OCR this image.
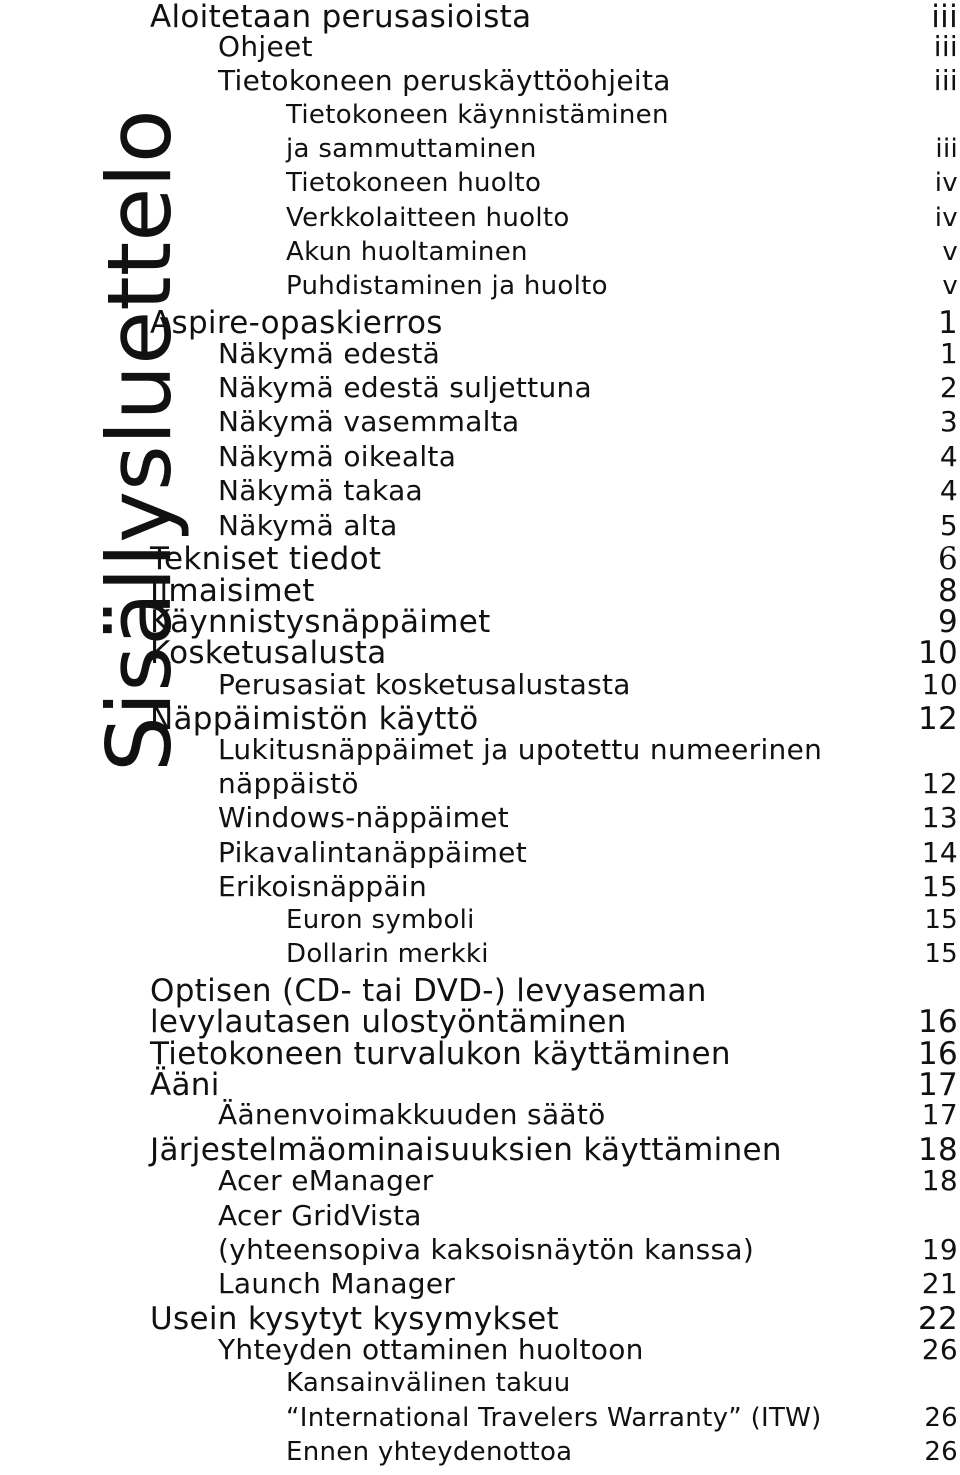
Sisällysluettelo
Aloitetaan perusasioista	iii
Ohjeet	iii
Tietokoneen peruskäyttöohjeita	iii
Tietokoneen käynnistäminen
ja sammuttaminen	iii
Tietokoneen huolto	iv
Verkkolaitteen huolto	iv
Akun huoltaminen	v
Puhdistaminen ja huolto	v
Aspire-opaskierros	1
Näkymä edestä	1
Näkymä edestä suljettuna	2
Näkymä vasemmalta	3
Näkymä oikealta	4
Näkymä takaa	4
Näkymä alta	5
Tekniset tiedot	6
Ilmaisimet	8
Käynnistysnäppäimet	9
Kosketusalusta	10
Perusasiat kosketusalustasta	10
Näppäimistön käyttö	12
Lukitusnäppäimet ja upotettu numeerinen
näppäistö	12
Windows-näppäimet	13
Pikavalintanäppäimet	14
Erikoisnäppäin	15
Euron symboli	15
Dollarin merkki	15
Optisen (CD- tai DVD-) levyaseman
levylautasen ulostyöntäminen	16
Tietokoneen turvalukon käyttäminen	16
Ääni	17
Äänenvoimakkuuden säätö	17
Järjestelmäominaisuuksien käyttäminen	18
Acer eManager	18
Acer GridVista
(yhteensopiva kaksoisnäytön kanssa)	19
Launch Manager	21
Usein kysytyt kysymykset	22
Yhteyden ottaminen huoltoon	26
Kansainvälinen takuu
“International Travelers Warranty” (ITW)	26
Ennen yhteydenottoa	26
